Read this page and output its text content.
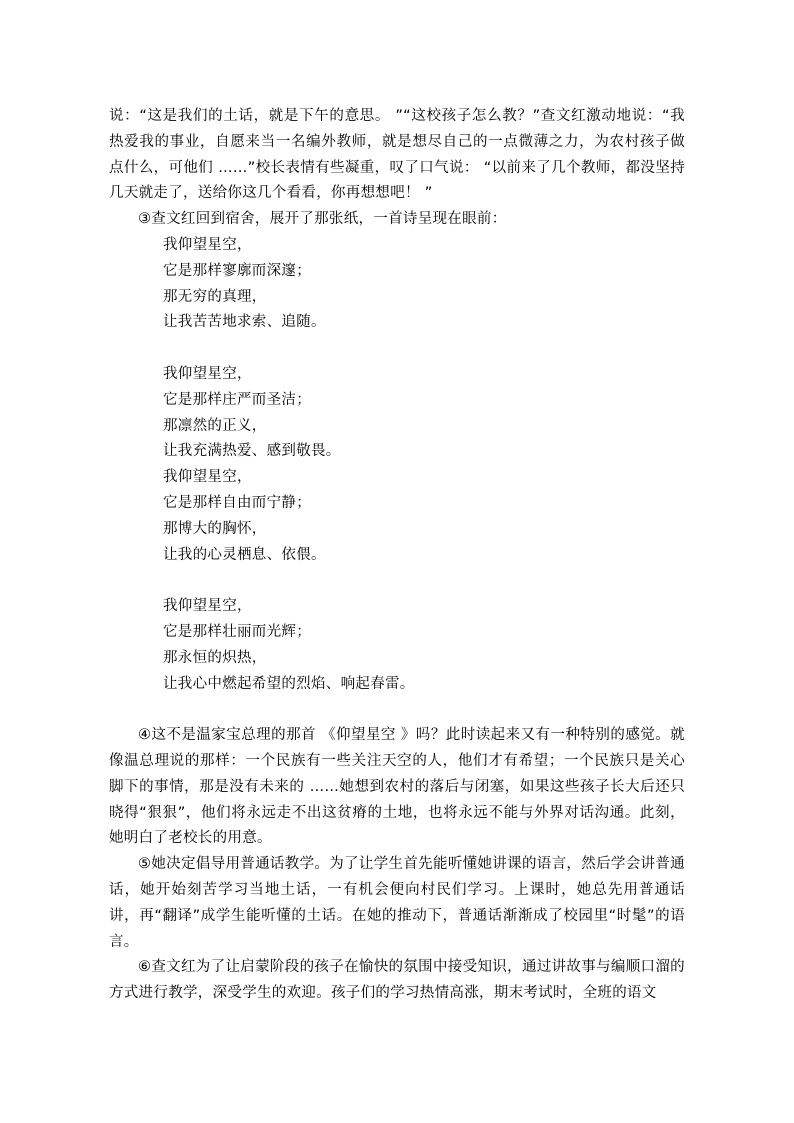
说：“这是我们的土话，就是下午的意思。 ”“这校孩子怎么教？”查文红激动地说：“我热爱我的事业，自愿来当一名编外教师，就是想尽自己的一点微薄之力，为农村孩子做点什么，可他们 ……”校长表情有些凝重，叹了口气说： “以前来了几个教师，都没坚持几天就走了，送给你这几个看看，你再想想吧！ ”

③查文红回到宿舍，展开了那张纸，一首诗呈现在眼前：

我仰望星空，
它是那样寥廓而深邃；
那无穷的真理，
让我苦苦地求索、追随。
我仰望星空，
它是那样庄严而圣洁；
那凛然的正义，
让我充满热爱、感到敬畏。
我仰望星空，
它是那样自由而宁静；
那博大的胸怀，
让我的心灵栖息、依偎。
我仰望星空，
它是那样壮丽而光辉；
那永恒的炽热，
让我心中燃起希望的烈焰、响起春雷。

④这不是温家宝总理的那首 《仰望星空 》吗？此时读起来又有一种特别的感觉。就像温总理说的那样：一个民族有一些关注天空的人，他们才有希望；一个民族只是关心脚下的事情，那是没有未来的 ……她想到农村的落后与闭塞，如果这些孩子长大后还只晓得“狠狠”，他们将永远走不出这贫瘠的土地，也将永远不能与外界对话沟通。此刻，她明白了老校长的用意。

⑤她决定倡导用普通话教学。为了让学生首先能听懂她讲课的语言，然后学会讲普通话，她开始刻苦学习当地土话，一有机会便向村民们学习。上课时，她总先用普通话讲，再“翻译”成学生能听懂的土话。在她的推动下，普通话渐渐成了校园里“时髦”的语言。

⑥查文红为了让启蒙阶段的孩子在愉快的氛围中接受知识，通过讲故事与编顺口溜的方式进行教学，深受学生的欢迎。孩子们的学习热情高涨，期末考试时，全班的语文
